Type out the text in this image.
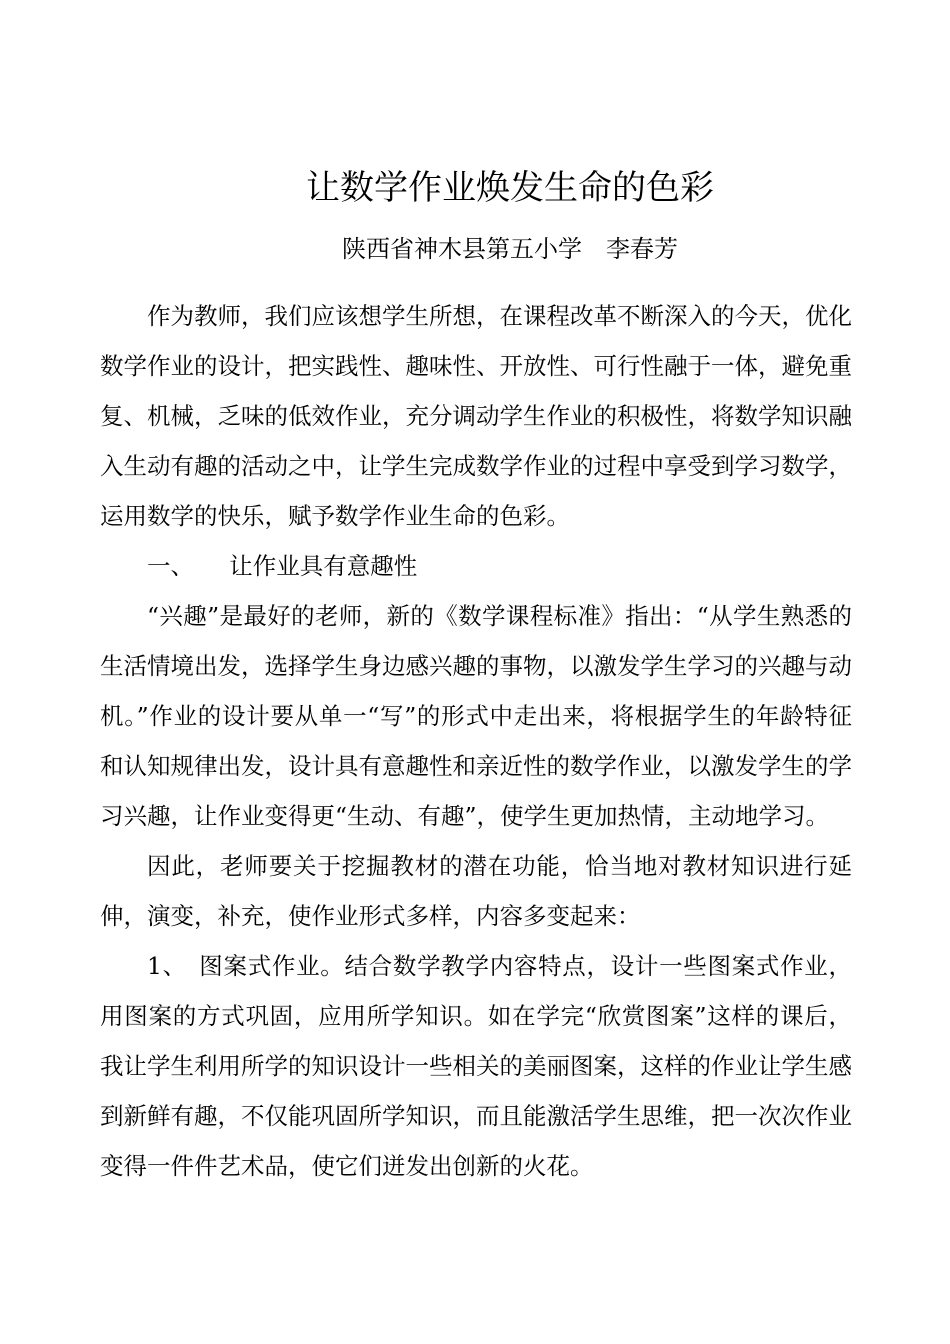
让数学作业焕发生命的色彩
陕西省神木县第五小学　李春芳

作为教师，我们应该想学生所想，在课程改革不断深入的今天，优化数学作业的设计，把实践性、趣味性、开放性、可行性融于一体，避免重复、机械，乏味的低效作业，充分调动学生作业的积极性，将数学知识融入生动有趣的活动之中，让学生完成数学作业的过程中享受到学习数学，运用数学的快乐，赋予数学作业生命的色彩。

一、　　让作业具有意趣性

“兴趣”是最好的老师，新的《数学课程标准》指出：“从学生熟悉的生活情境出发，选择学生身边感兴趣的事物，以激发学生学习的兴趣与动机。”作业的设计要从单一“写”的形式中走出来，将根据学生的年龄特征和认知规律出发，设计具有意趣性和亲近性的数学作业，以激发学生的学习兴趣，让作业变得更“生动、有趣”，使学生更加热情，主动地学习。

因此，老师要关于挖掘教材的潜在功能，恰当地对教材知识进行延伸，演变，补充，使作业形式多样，内容多变起来：

1、　图案式作业。结合数学教学内容特点，设计一些图案式作业，用图案的方式巩固，应用所学知识。如在学完“欣赏图案”这样的课后，我让学生利用所学的知识设计一些相关的美丽图案，这样的作业让学生感到新鲜有趣，不仅能巩固所学知识，而且能激活学生思维，把一次次作业变得一件件艺术品，使它们迸发出创新的火花。
